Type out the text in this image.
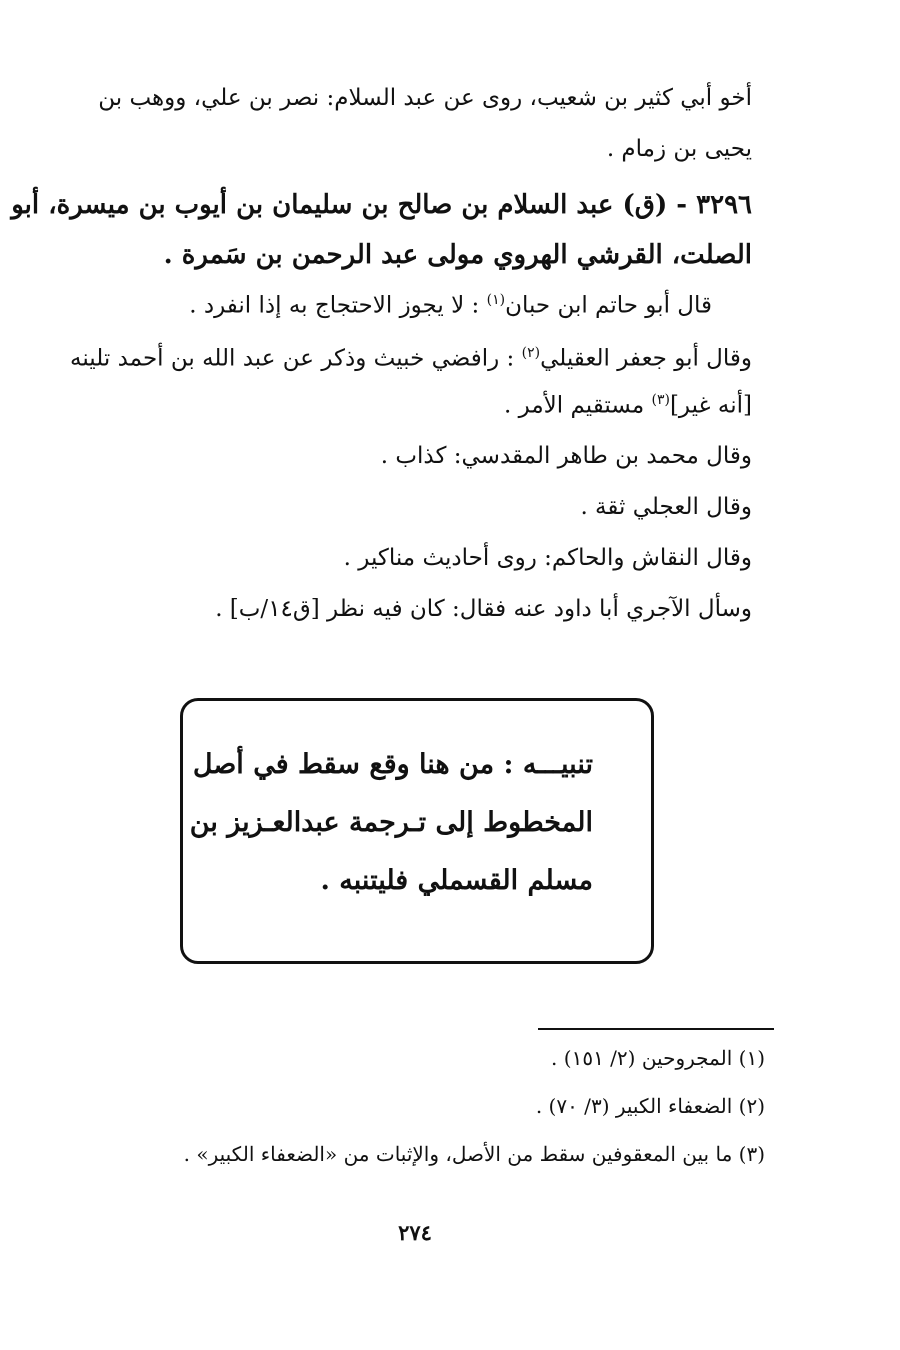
أخو أبي كثير بن شعيب، روى عن عبد السلام: نصر بن علي، ووهب بن
يحيى بن زمام .
٣٢٩٦ - (ق) عبد السلام بن صالح بن سليمان بن أيوب بن ميسرة، أبو
الصلت، القرشي الهروي مولى عبد الرحمن بن سَمرة .
قال أبو حاتم ابن حبان$^{(١)}$ : لا يجوز الاحتجاج به إذا انفرد .
وقال أبو جعفر العقيلي$^{(٢)}$ : رافضي خبيث وذكر عن عبد الله بن أحمد تلينه
[أنه غير]$^{(٣)}$ مستقيم الأمر .
وقال محمد بن طاهر المقدسي: كذاب .
وقال العجلي ثقة .
وقال النقاش والحاكم: روى أحاديث مناكير .
وسأل الآجري أبا داود عنه فقال: كان فيه نظر [ق١٤/ب] .
تنبيـــه : من هنا وقع سقط في أصل
المخطوط إلى تـرجمة عبدالعـزيز بن
مسلم القسملي فليتنبه .
(١) المجروحين (٢/ ١٥١) .
(٢) الضعفاء الكبير (٣/ ٧٠) .
(٣) ما بين المعقوفين سقط من الأصل، والإثبات من «الضعفاء الكبير» .
٢٧٤
